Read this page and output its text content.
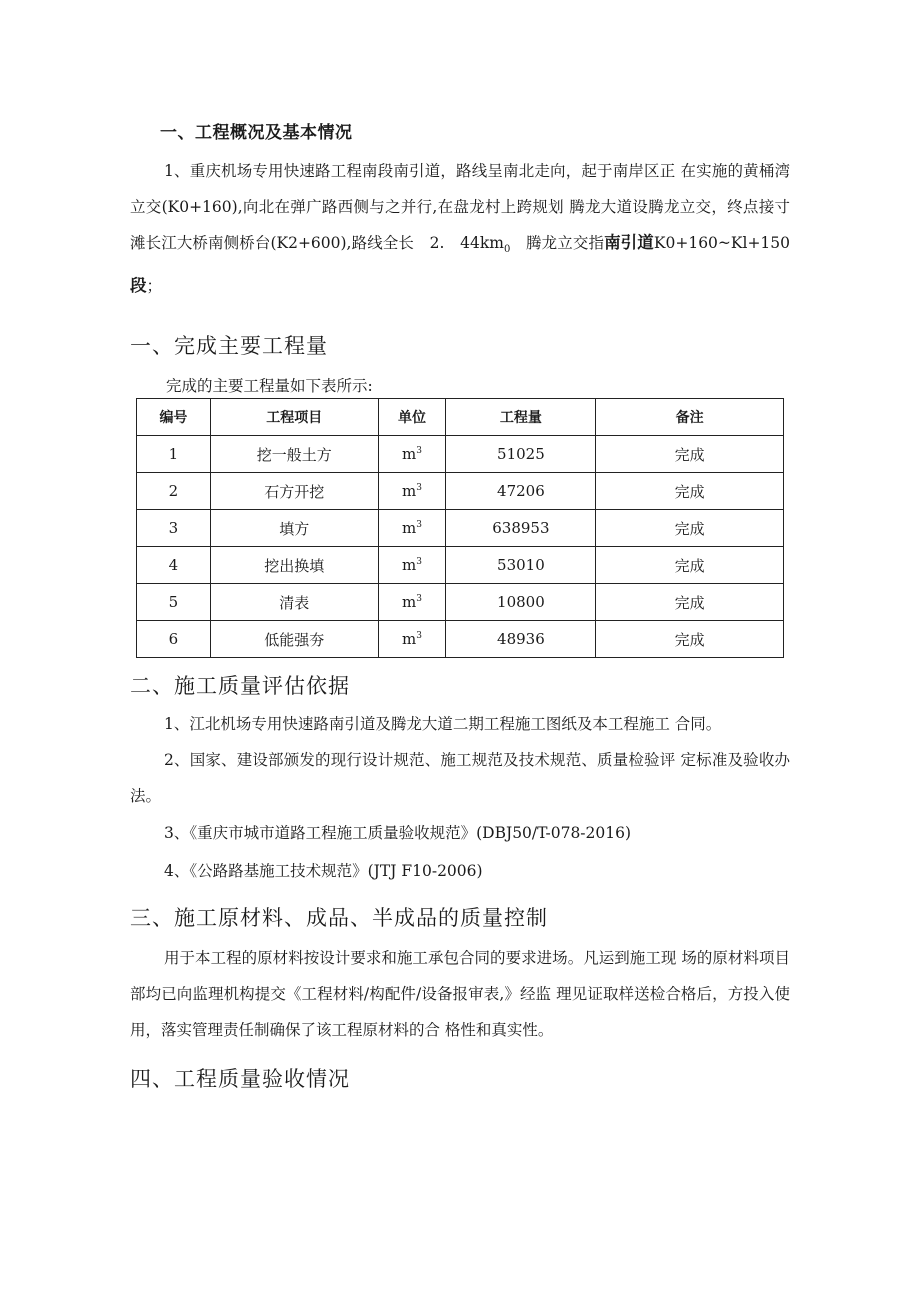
一、工程概况及基本情况
1、重庆机场专用快速路工程南段南引道，路线呈南北走向，起于南岸区正 在实施的黄桶湾立交(K0+160),向北在弹广路西侧与之并行,在盘龙村上跨规划 腾龙大道设腾龙立交，终点接寸滩长江大桥南侧桥台(K2+600),路线全长　2.　$44km_0$　腾龙立交指南引道K0+160~Kl+150段；
一、完成主要工程量
完成的主要工程量如下表所示:
编号	工程项目	单位	工程量	备注
1	挖一般土方	$m^3$	51025	完成
2	石方开挖	$m^3$	47206	完成
3	填方	$m^3$	638953	完成
4	挖出换填	$m^3$	53010	完成
5	清表	$m^3$	10800	完成
6	低能强夯	$m^3$	48936	完成
二、施工质量评估依据
1、江北机场专用快速路南引道及腾龙大道二期工程施工图纸及本工程施工 合同。
2、国家、建设部颁发的现行设计规范、施工规范及技术规范、质量检验评 定标准及验收办法。
3、《重庆市城市道路工程施工质量验收规范》(DBJ50/T-078-2016)
4、《公路路基施工技术规范》(JTJ F10-2006)
三、施工原材料、成品、半成品的质量控制
用于本工程的原材料按设计要求和施工承包合同的要求进场。凡运到施工现 场的原材料项目部均已向监理机构提交《工程材料/构配件/设备报审表,》经监 理见证取样送检合格后，方投入使用，落实管理责任制确保了该工程原材料的合 格性和真实性。
四、工程质量验收情况
